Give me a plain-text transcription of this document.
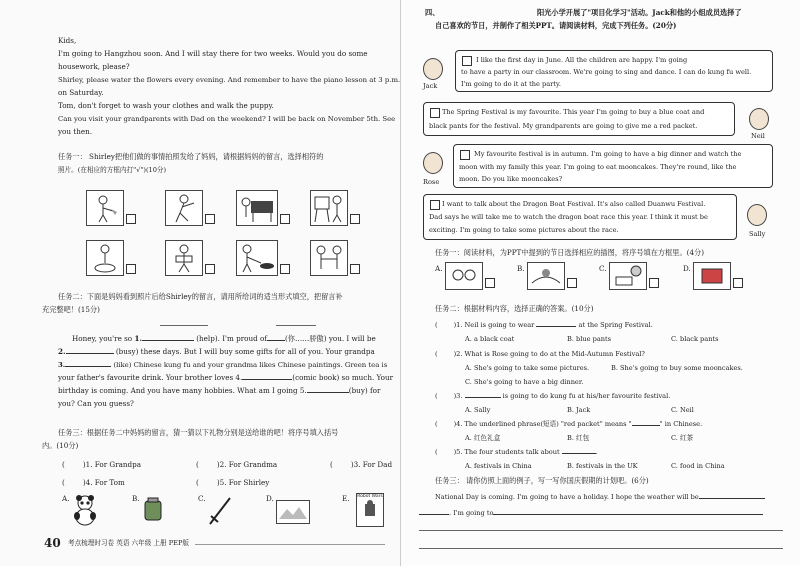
Kids,
I'm going to Hangzhou soon. And I will stay there for two weeks. Would you do some
housework, please?
Shirley, please water the flowers every evening. And remember to have the piano lesson at 3 p.m.
on Saturday.
Tom, don't forget to wash your clothes and walk the puppy.
Can you visit your grandparents with Dad on the weekend? I will be back on November 5th. See
you then.
任务一： Shirley把他们做的事情拍照发给了妈妈，请根据妈妈的留言，选择相符的
照片。(在相应的方框内打"√")(10分)
任务二：下面是妈妈看到照片后给Shirley的留言，请用所给词的适当形式填空，把留言补
充完整吧！(15分)
Honey, you're so 1.	(help). I'm proud of	(你……骄傲) you. I will be
2.	(busy) these days. But I will buy some gifts for all of you. Your grandpa
3.	(like) Chinese kung fu and your grandma likes Chinese paintings. Green tea is
your father's favourite drink. Your brother loves 4.	(comic book) so much. Your
birthday is coming. And you have many hobbies. What am I going 5.	(buy) for
you? Can you guess?
任务三：根据任务二中妈妈的留言，猜一猜以下礼物分别是送给谁的吧！将序号填入括号
内。(10分)
(	)1. For Grandpa	(	)2. For Grandma	(	)3. For Dad
(	)4. For Tom	(	)5. For Shirley
A.	B.	C.	D.	E. Robot Wars
40 考点梳理时习卷 英语 六年级 上册 PEP版
四、	阳光小学开展了"项目化学习"活动。Jack和他的小组成员选择了
自己喜欢的节日，并制作了相关PPT。请阅读材料，完成下列任务。(20分)
Jack
I like the first day in June. All the children are happy. I'm going
to have a party in our classroom. We're going to sing and dance. I can do kung fu well.
I'm going to do it at the party.
The Spring Festival is my favourite. This year I'm going to buy a blue coat and
black pants for the festival. My grandparents are going to give me a red packet.
Neil
Rose
My favourite festival is in autumn. I'm going to have a big dinner and watch the
moon with my family this year. I'm going to eat mooncakes. They're round, like the
moon. Do you like mooncakes?
I want to talk about the Dragon Boat Festival. It's also called Duanwu Festival.
Dad says he will take me to watch the dragon boat race this year. I think it must be
exciting. I'm going to take some pictures about the race.	Sally
任务一：阅读材料，为PPT中提到的节日选择相应的插图，将序号填在方框里。(4分)
A.	B.	C.	D.
任务二：根据材料内容，选择正确的答案。(10分)
( )1. Neil is going to wear	at the Spring Festival.
A. a black coat	B. blue pants	C. black pants
( )2. What is Rose going to do at the Mid-Autumn Festival?
A. She's going to take some pictures.	B. She's going to buy some mooncakes.
C. She's going to have a big dinner.
( )3.	is going to do kung fu at his/her favourite festival.
A. Sally	B. Jack	C. Neil
( )4. The underlined phrase(短语) "red packet" means "	" in Chinese.
A. 红色礼盒	B. 红包	C. 红茶
( )5. The four students talk about	.
A. festivals in China	B. festivals in the UK	C. food in China
任务三： 请你仿照上面的例子，写一写你国庆假期的计划吧。(6分)
National Day is coming. I'm going to have a holiday. I hope the weather will be
. I'm going to
